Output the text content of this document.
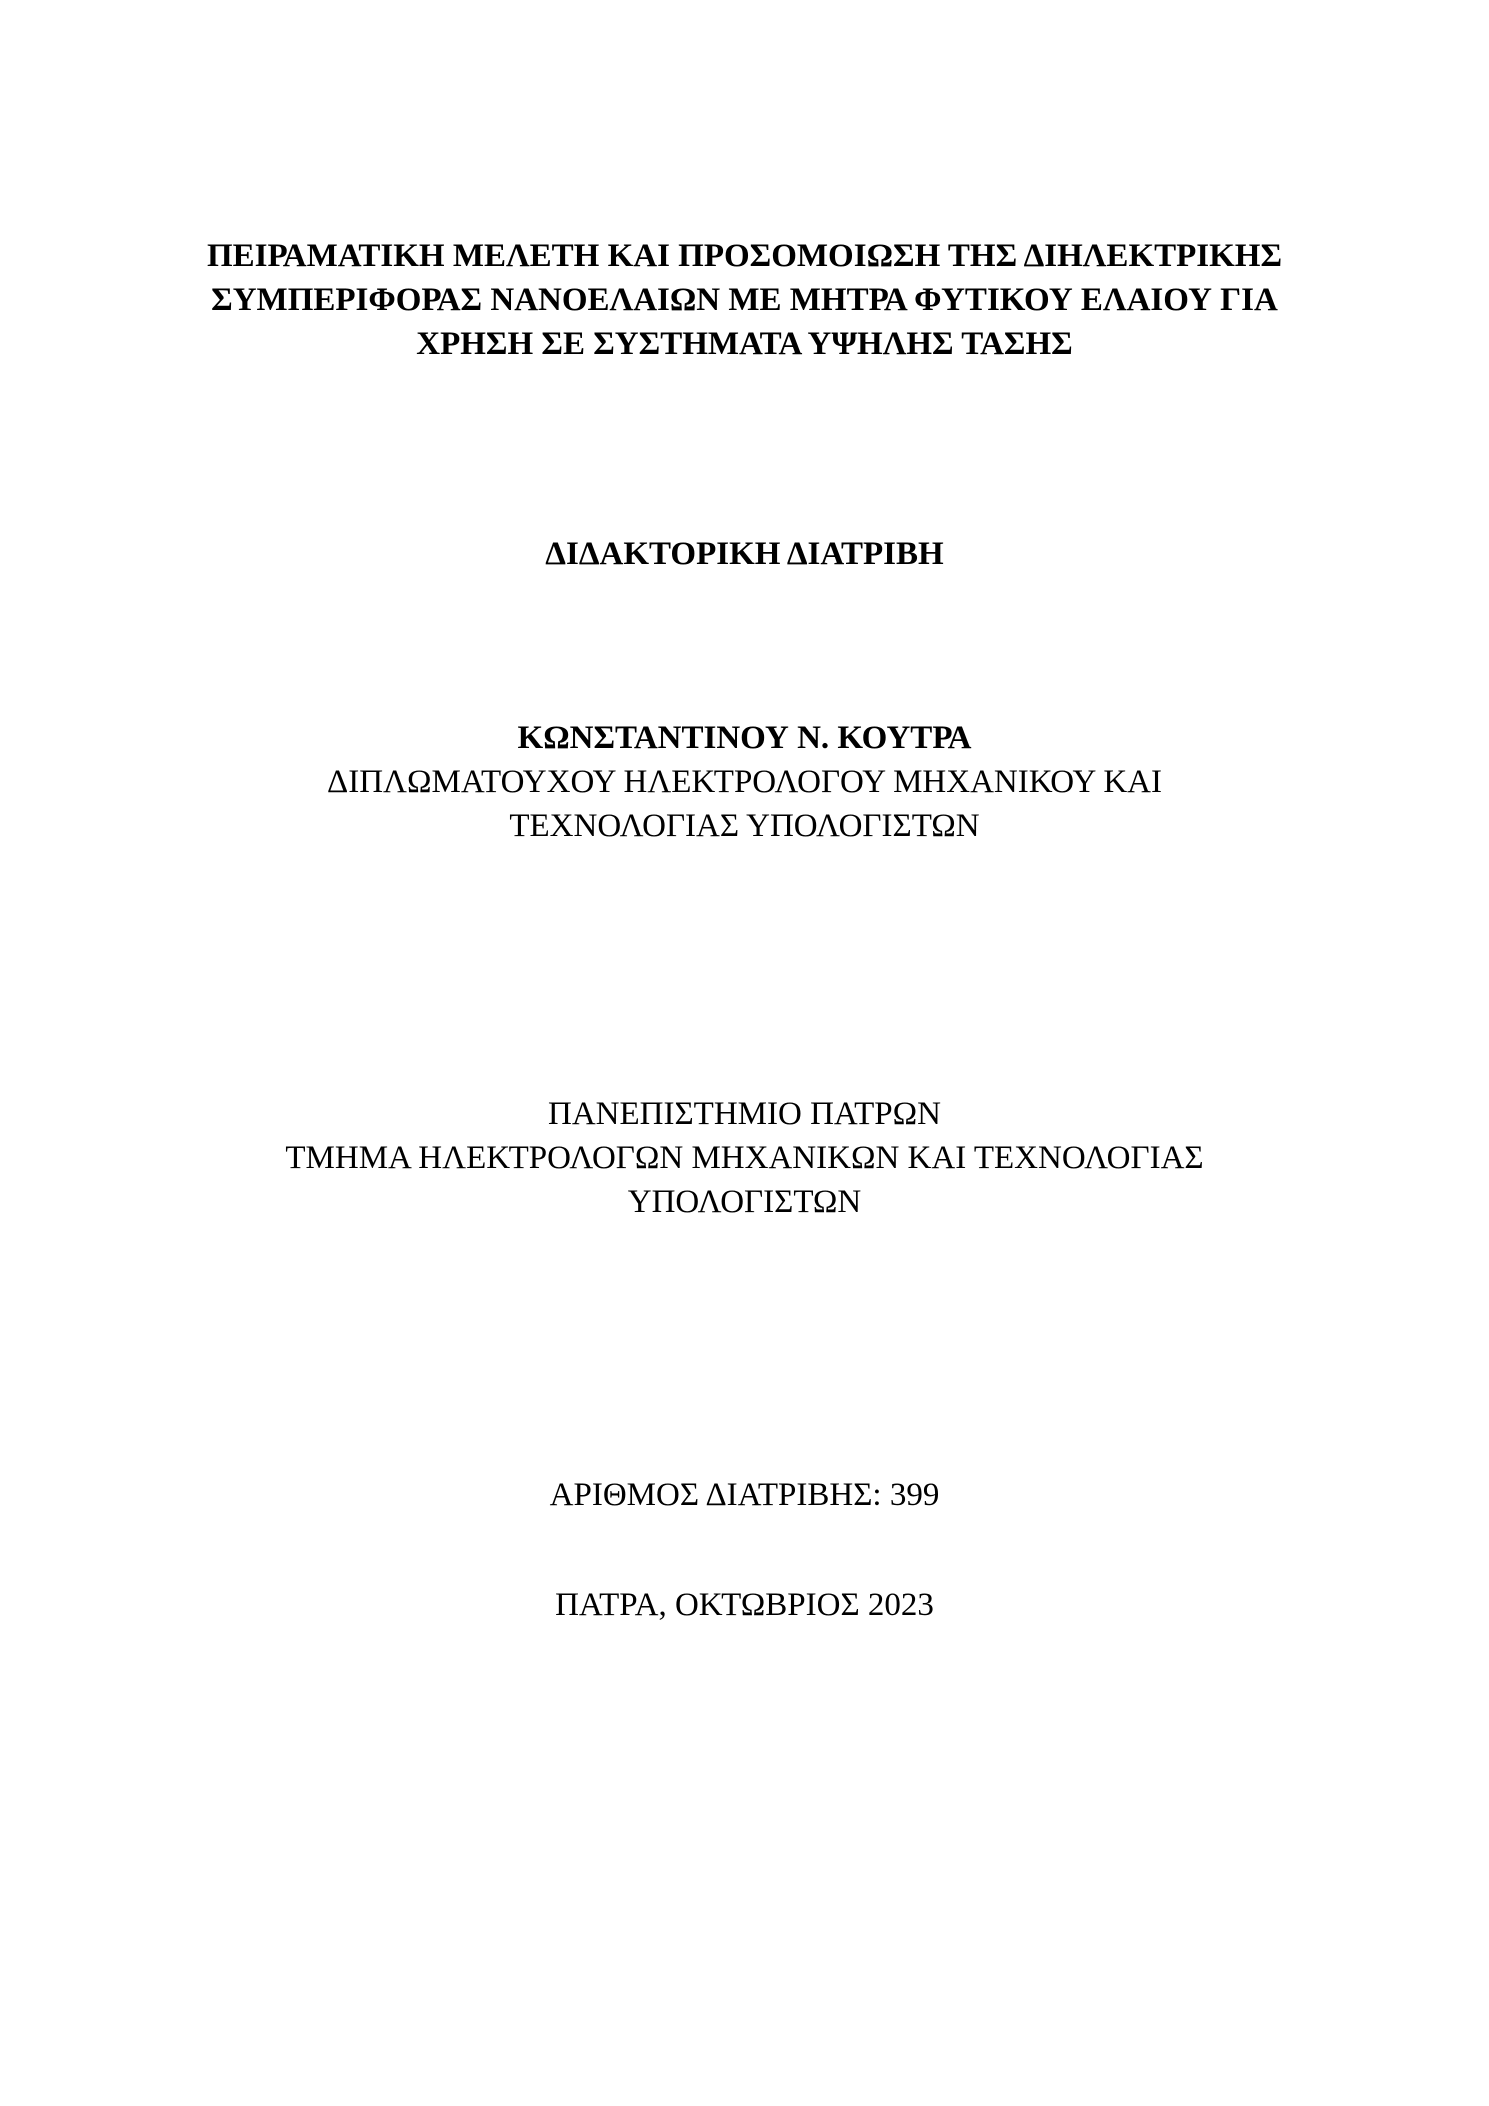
ΠΕΙΡΑΜΑΤΙΚΗ ΜΕΛΕΤΗ ΚΑΙ ΠΡΟΣΟΜΟΙΩΣΗ ΤΗΣ ΔΙΗΛΕΚΤΡΙΚΗΣ
ΣΥΜΠΕΡΙΦΟΡΑΣ ΝΑΝΟΕΛΑΙΩΝ ΜΕ ΜΗΤΡΑ ΦΥΤΙΚΟΥ ΕΛΑΙΟΥ ΓΙΑ
ΧΡΗΣΗ ΣΕ ΣΥΣΤΗΜΑΤΑ ΥΨΗΛΗΣ ΤΑΣΗΣ
ΔΙΔΑΚΤΟΡΙΚΗ ΔΙΑΤΡΙΒΗ
ΚΩΝΣΤΑΝΤΙΝΟΥ Ν. ΚΟΥΤΡΑ
ΔΙΠΛΩΜΑΤΟΥΧΟΥ ΗΛΕΚΤΡΟΛΟΓΟΥ ΜΗΧΑΝΙΚΟΥ ΚΑΙ
ΤΕΧΝΟΛΟΓΙΑΣ ΥΠΟΛΟΓΙΣΤΩΝ
ΠΑΝΕΠΙΣΤΗΜΙΟ ΠΑΤΡΩΝ
ΤΜΗΜΑ ΗΛΕΚΤΡΟΛΟΓΩΝ ΜΗΧΑΝΙΚΩΝ ΚΑΙ ΤΕΧΝΟΛΟΓΙΑΣ
ΥΠΟΛΟΓΙΣΤΩΝ
ΑΡΙΘΜΟΣ ΔΙΑΤΡΙΒΗΣ: 399
ΠΑΤΡΑ, ΟΚΤΩΒΡΙΟΣ 2023
